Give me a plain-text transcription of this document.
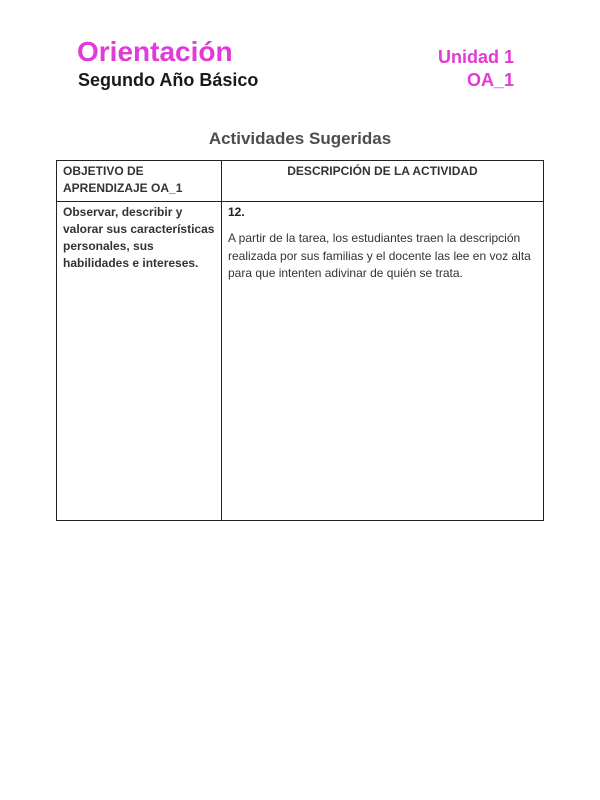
Orientación
Segundo Año Básico
Unidad 1
OA_1
Actividades Sugeridas
OBJETIVO DE APRENDIZAJE OA_1	DESCRIPCIÓN DE LA ACTIVIDAD
Observar, describir y valorar sus características personales, sus habilidades e intereses.	12.
A partir de la tarea, los estudiantes traen la descripción realizada por sus familias y el docente las lee en voz alta para que intenten adivinar de quién se trata.
